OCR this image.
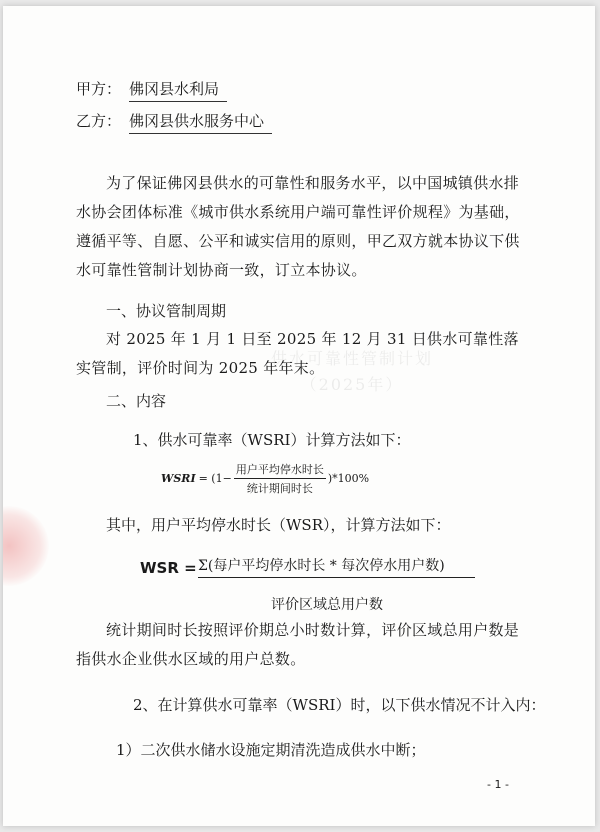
供水可靠性管制计划
（2025年）
甲方： 佛冈县水利局
乙方： 佛冈县供水服务中心

为了保证佛冈县供水的可靠性和服务水平，以中国城镇供水排水协会团体标准《城市供水系统用户端可靠性评价规程》为基础，遵循平等、自愿、公平和诚实信用的原则，甲乙双方就本协议下供水可靠性管制计划协商一致，订立本协议。

一、协议管制周期

对 2025 年 1 月 1 日至 2025 年 12 月 31 日供水可靠性落实管制，评价时间为 2025 年年末。

二、内容
1、供水可靠率（WSRI）计算方法如下：
WSRI = $(1- \frac{\text{用户平均停水时长}}{\text{统计期间时长}} )*100\%$
其中，用户平均停水时长（WSR），计算方法如下：
WSR = Σ(每户平均停水时长 * 每次停水用户数)
评价区域总用户数

统计期间时长按照评价期总小时数计算，评价区域总用户数是指供水企业供水区域的用户总数。

2、在计算供水可靠率（WSRI）时，以下供水情况不计入内：
1）二次供水储水设施定期清洗造成供水中断；
- 1 -
